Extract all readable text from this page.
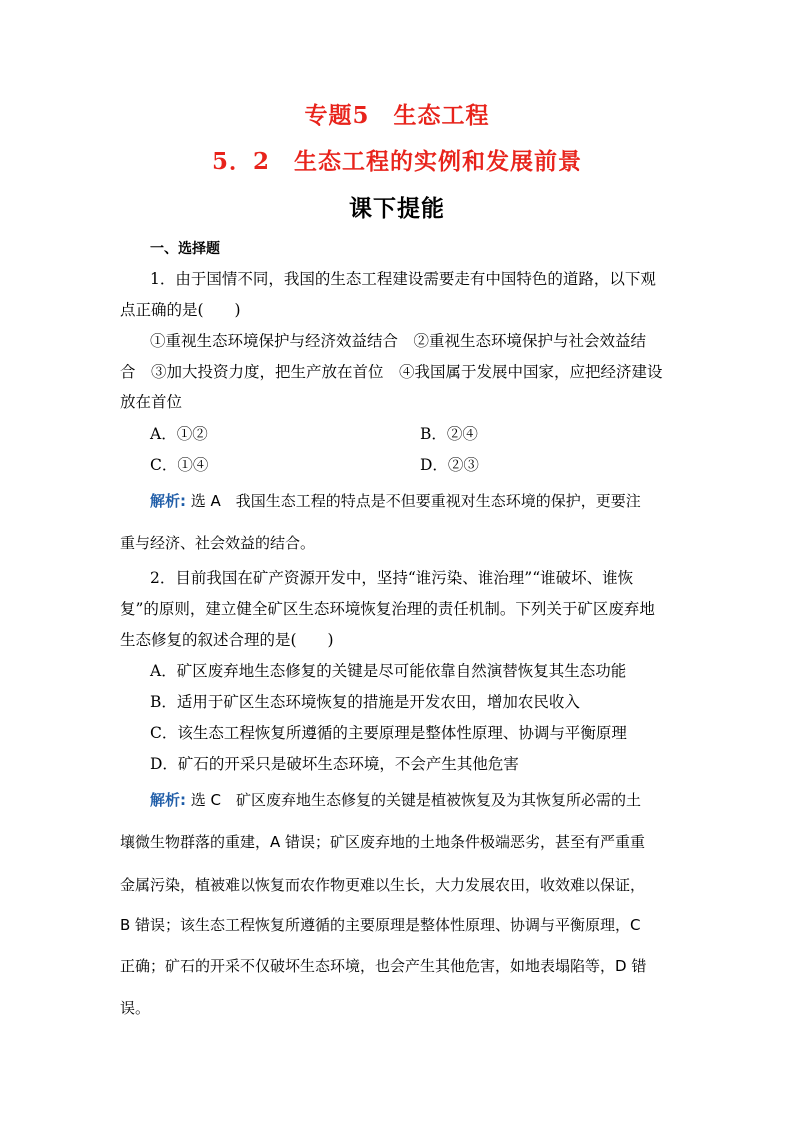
专题5　生态工程
5．2　生态工程的实例和发展前景
课下提能
一、选择题
1．由于国情不同，我国的生态工程建设需要走有中国特色的道路，以下观
点正确的是(　　)
①重视生态环境保护与经济效益结合　②重视生态环境保护与社会效益结
合　③加大投资力度，把生产放在首位　④我国属于发展中国家，应把经济建设
放在首位
A．①②	B．②④
C．①④	D．②③
解析: 选 A　我国生态工程的特点是不但要重视对生态环境的保护，更要注
重与经济、社会效益的结合。
2．目前我国在矿产资源开发中，坚持“谁污染、谁治理”“谁破坏、谁恢
复”的原则，建立健全矿区生态环境恢复治理的责任机制。下列关于矿区废弃地
生态修复的叙述合理的是(　　)
A．矿区废弃地生态修复的关键是尽可能依靠自然演替恢复其生态功能
B．适用于矿区生态环境恢复的措施是开发农田，增加农民收入
C．该生态工程恢复所遵循的主要原理是整体性原理、协调与平衡原理
D．矿石的开采只是破坏生态环境，不会产生其他危害
解析: 选 C　矿区废弃地生态修复的关键是植被恢复及为其恢复所必需的土
壤微生物群落的重建，A 错误；矿区废弃地的土地条件极端恶劣，甚至有严重重
金属污染，植被难以恢复而农作物更难以生长，大力发展农田，收效难以保证，
B 错误；该生态工程恢复所遵循的主要原理是整体性原理、协调与平衡原理，C
正确；矿石的开采不仅破坏生态环境，也会产生其他危害，如地表塌陷等，D 错
误。
